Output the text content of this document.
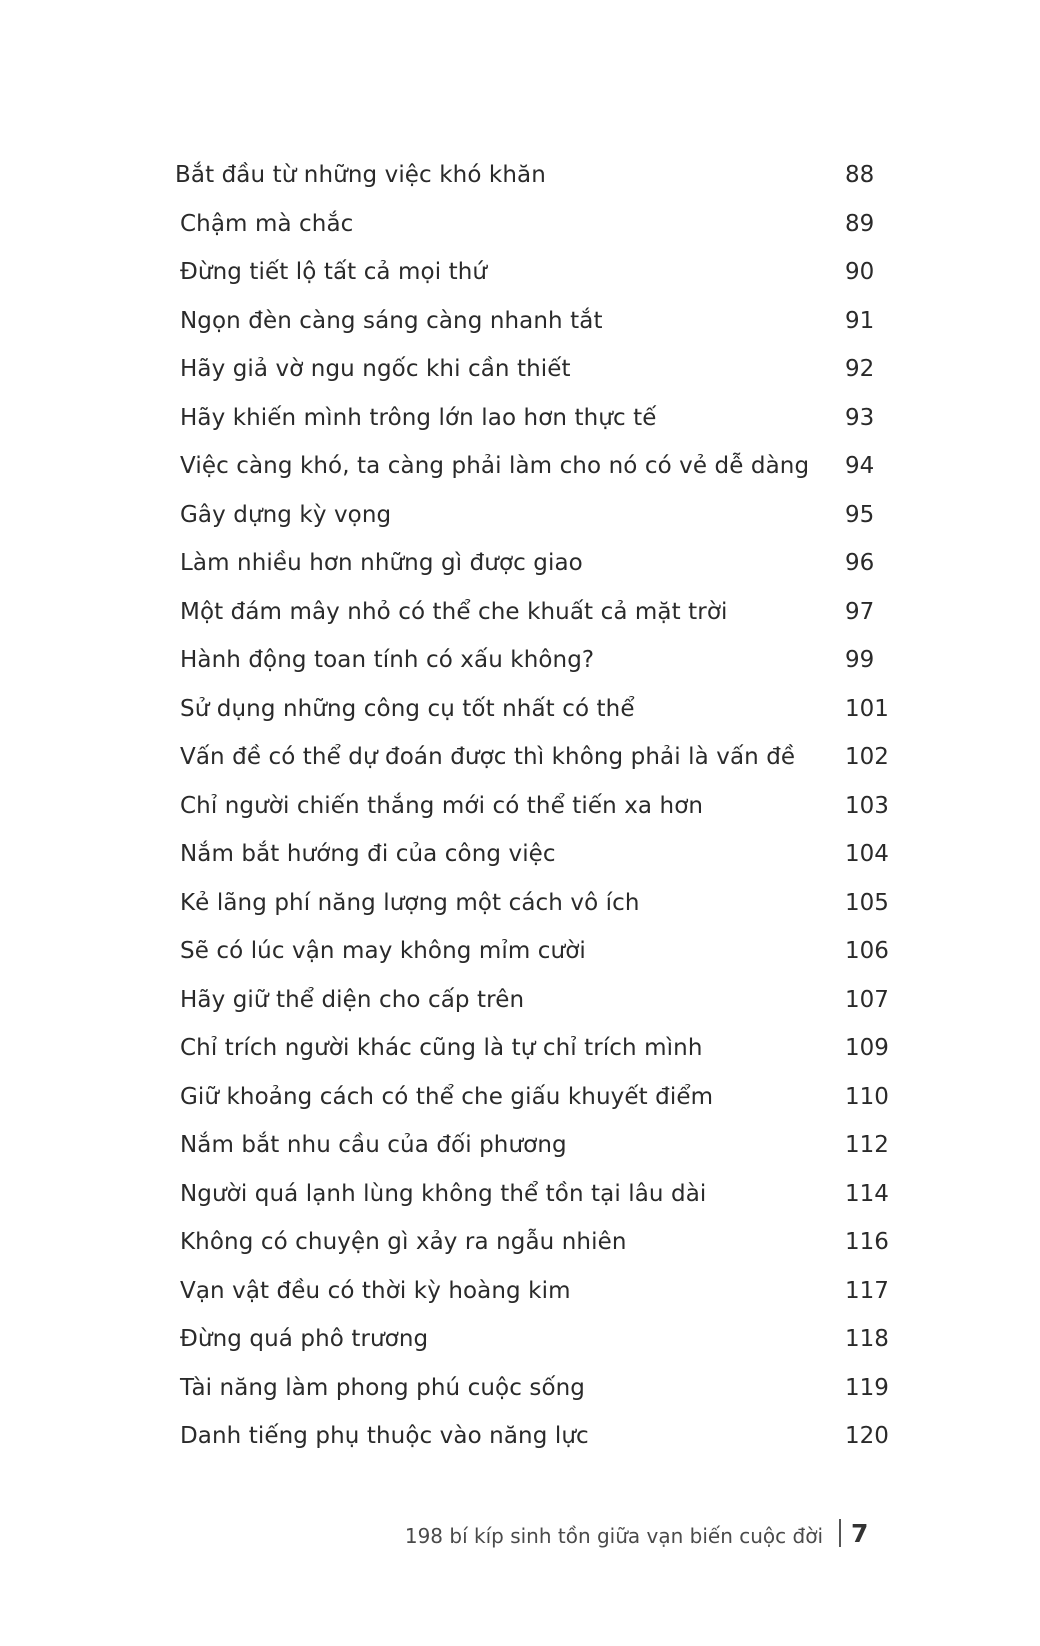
Bắt đầu từ những việc khó khăn	88
Chậm mà chắc	89
Đừng tiết lộ tất cả mọi thứ	90
Ngọn đèn càng sáng càng nhanh tắt	91
Hãy giả vờ ngu ngốc khi cần thiết	92
Hãy khiến mình trông lớn lao hơn thực tế	93
Việc càng khó, ta càng phải làm cho nó có vẻ dễ dàng 94
Gây dựng kỳ vọng	95
Làm nhiều hơn những gì được giao	96
Một đám mây nhỏ có thể che khuất cả mặt trời	97
Hành động toan tính có xấu không?	99
Sử dụng những công cụ tốt nhất có thể	101
Vấn đề có thể dự đoán được thì không phải là vấn đề 102
Chỉ người chiến thắng mới có thể tiến xa hơn	103
Nắm bắt hướng đi của công việc	104
Kẻ lãng phí năng lượng một cách vô ích	105
Sẽ có lúc vận may không mỉm cười	106
Hãy giữ thể diện cho cấp trên	107
Chỉ trích người khác cũng là tự chỉ trích mình	109
Giữ khoảng cách có thể che giấu khuyết điểm	110
Nắm bắt nhu cầu của đối phương	112
Người quá lạnh lùng không thể tồn tại lâu dài	114
Không có chuyện gì xảy ra ngẫu nhiên	116
Vạn vật đều có thời kỳ hoàng kim	117
Đừng quá phô trương	118
Tài năng làm phong phú cuộc sống	119
Danh tiếng phụ thuộc vào năng lực	120
198 bí kíp sinh tồn giữa vạn biến cuộc đời 7
